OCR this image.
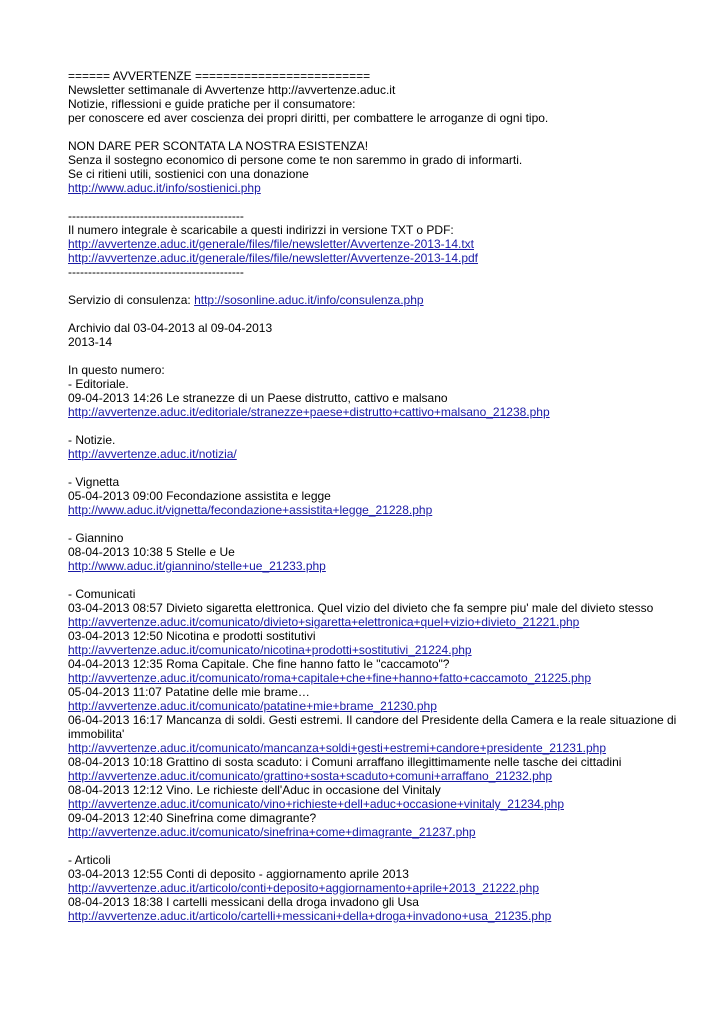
====== AVVERTENZE =========================
Newsletter settimanale di Avvertenze http://avvertenze.aduc.it
Notizie, riflessioni e guide pratiche per il consumatore:
per conoscere ed aver coscienza dei propri diritti, per combattere le arroganze di ogni tipo.
NON DARE PER SCONTATA LA NOSTRA ESISTENZA!
Senza il sostegno economico di persone come te non saremmo in grado di informarti.
Se ci ritieni utili, sostienici con una donazione
http://www.aduc.it/info/sostienici.php
--------------------------------------------
Il numero integrale è scaricabile a questi indirizzi in versione TXT o PDF:
http://avvertenze.aduc.it/generale/files/file/newsletter/Avvertenze-2013-14.txt
http://avvertenze.aduc.it/generale/files/file/newsletter/Avvertenze-2013-14.pdf
--------------------------------------------
Servizio di consulenza: http://sosonline.aduc.it/info/consulenza.php
Archivio dal 03-04-2013 al 09-04-2013
2013-14
In questo numero:
- Editoriale.
09-04-2013 14:26 Le stranezze di un Paese distrutto, cattivo e malsano
http://avvertenze.aduc.it/editoriale/stranezze+paese+distrutto+cattivo+malsano_21238.php
- Notizie.
http://avvertenze.aduc.it/notizia/
- Vignetta
05-04-2013 09:00 Fecondazione assistita e legge
http://www.aduc.it/vignetta/fecondazione+assistita+legge_21228.php
- Giannino
08-04-2013 10:38 5 Stelle e Ue
http://www.aduc.it/giannino/stelle+ue_21233.php
- Comunicati
03-04-2013 08:57 Divieto sigaretta elettronica. Quel vizio del divieto che fa sempre piu' male del divieto stesso
http://avvertenze.aduc.it/comunicato/divieto+sigaretta+elettronica+quel+vizio+divieto_21221.php
03-04-2013 12:50 Nicotina e prodotti sostitutivi
http://avvertenze.aduc.it/comunicato/nicotina+prodotti+sostitutivi_21224.php
04-04-2013 12:35 Roma Capitale. Che fine hanno fatto le "caccamoto"?
http://avvertenze.aduc.it/comunicato/roma+capitale+che+fine+hanno+fatto+caccamoto_21225.php
05-04-2013 11:07 Patatine delle mie brame…
http://avvertenze.aduc.it/comunicato/patatine+mie+brame_21230.php
06-04-2013 16:17 Mancanza di soldi. Gesti estremi. Il candore del Presidente della Camera e la reale situazione di immobilita'
http://avvertenze.aduc.it/comunicato/mancanza+soldi+gesti+estremi+candore+presidente_21231.php
08-04-2013 10:18 Grattino di sosta scaduto: i Comuni arraffano illegittimamente nelle tasche dei cittadini
http://avvertenze.aduc.it/comunicato/grattino+sosta+scaduto+comuni+arraffano_21232.php
08-04-2013 12:12 Vino. Le richieste dell'Aduc in occasione del Vinitaly
http://avvertenze.aduc.it/comunicato/vino+richieste+dell+aduc+occasione+vinitaly_21234.php
09-04-2013 12:40 Sinefrina come dimagrante?
http://avvertenze.aduc.it/comunicato/sinefrina+come+dimagrante_21237.php
- Articoli
03-04-2013 12:55 Conti di deposito - aggiornamento aprile 2013
http://avvertenze.aduc.it/articolo/conti+deposito+aggiornamento+aprile+2013_21222.php
08-04-2013 18:38 I cartelli messicani della droga invadono gli Usa
http://avvertenze.aduc.it/articolo/cartelli+messicani+della+droga+invadono+usa_21235.php
